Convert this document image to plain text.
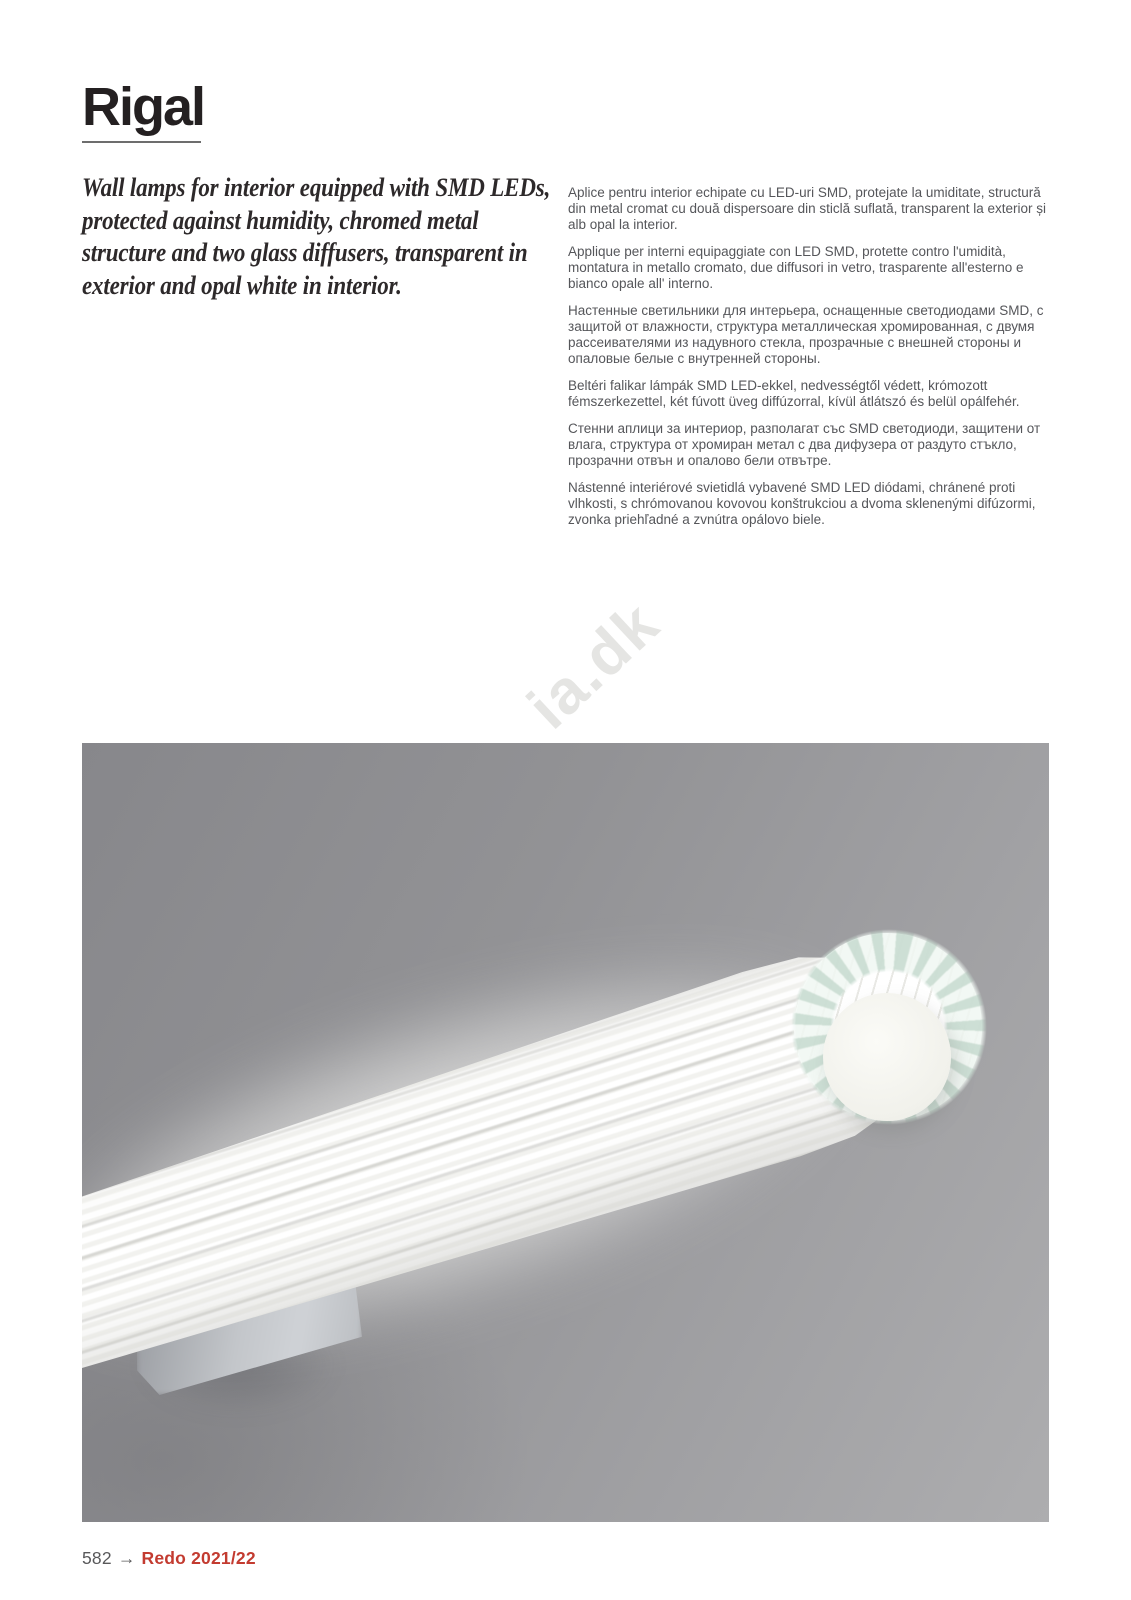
Rigal
Wall lamps for interior equipped with SMD LEDs,
protected against humidity, chromed metal
structure and two glass diffusers, transparent in
exterior and opal white in interior.

Aplice pentru interior echipate cu LED-uri SMD, protejate la umiditate, structură din metal cromat cu două dispersoare din sticlă suflată, transparent la exterior și alb opal la interior.

Applique per interni equipaggiate con LED SMD, protette contro l'umidità, montatura in metallo cromato, due diffusori in vetro, trasparente all'esterno e bianco opale all' interno.

Настенные светильники для интерьера, оснащенные светодиодами SMD, с защитой от влажности, структура металлическая хромированная, с двумя рассеивателями из надувного стекла, прозрачные с внешней стороны и опаловые белые с внутренней стороны.

Beltéri falikar lámpák SMD LED-ekkel, nedvességtől védett, krómozott fémszerkezettel, két fúvott üveg diffúzorral, kívül átlátszó és belül opálfehér.

Стенни аплици за интериор, разполагат със SMD светодиоди, защитени от влага, структура от хромиран метал с два дифузера от раздуто стъкло, прозрачни отвън и опалово бели отвътре.

Nástenné interiérové svietidlá vybavené SMD LED diódami, chránené proti vlhkosti, s chrómovanou kovovou konštrukciou a dvoma sklenenými difúzormi, zvonka priehľadné a zvnútra opálovo biele.

ia.dk
582 → Redo 2021/22
